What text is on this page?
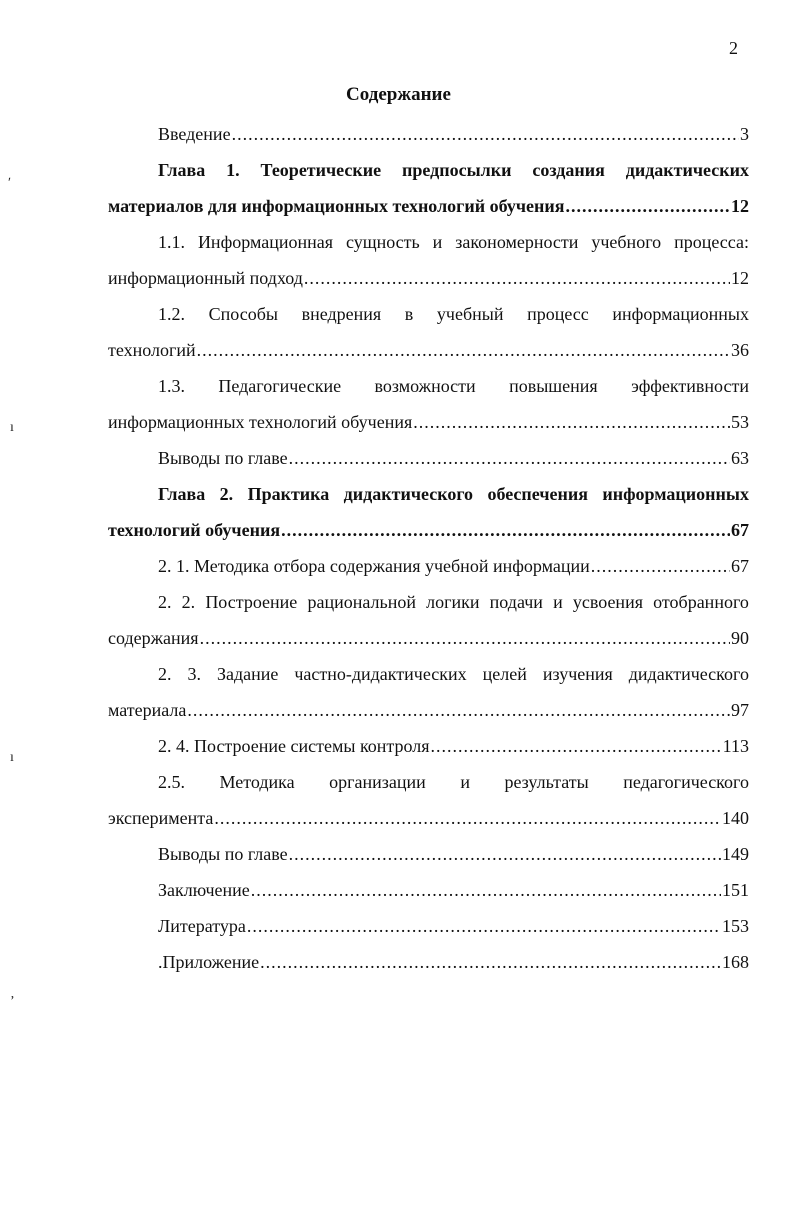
2
Содержание
ʹ
ı
ı
ʼ
Введение .....	3
Глава 1. Теоретические предпосылки создания дидактических
материалов для информационных технологий обучения .....	12
1.1. Информационная сущность и закономерности учебного процесса:
информационный подход .....	12
1.2. Способы внедрения в учебный процесс информационных
технологий .....	36
1.3. Педагогические возможности повышения эффективности
информационных технологий обучения .....	53
Выводы по главе .....	63
Глава 2. Практика дидактического обеспечения информационных
технологий обучения .....	67
2. 1. Методика отбора содержания учебной информации .....	67
2. 2. Построение рациональной логики подачи и усвоения отобранного
содержания .....	90
2. 3. Задание частно-дидактических целей изучения дидактического
материала .....	97
2. 4. Построение системы контроля .....	113
2.5. Методика организации и результаты педагогического
эксперимента .....	140
Выводы по главе .....	149
Заключение .....	151
Литература .....	153
.Приложение .....	168
